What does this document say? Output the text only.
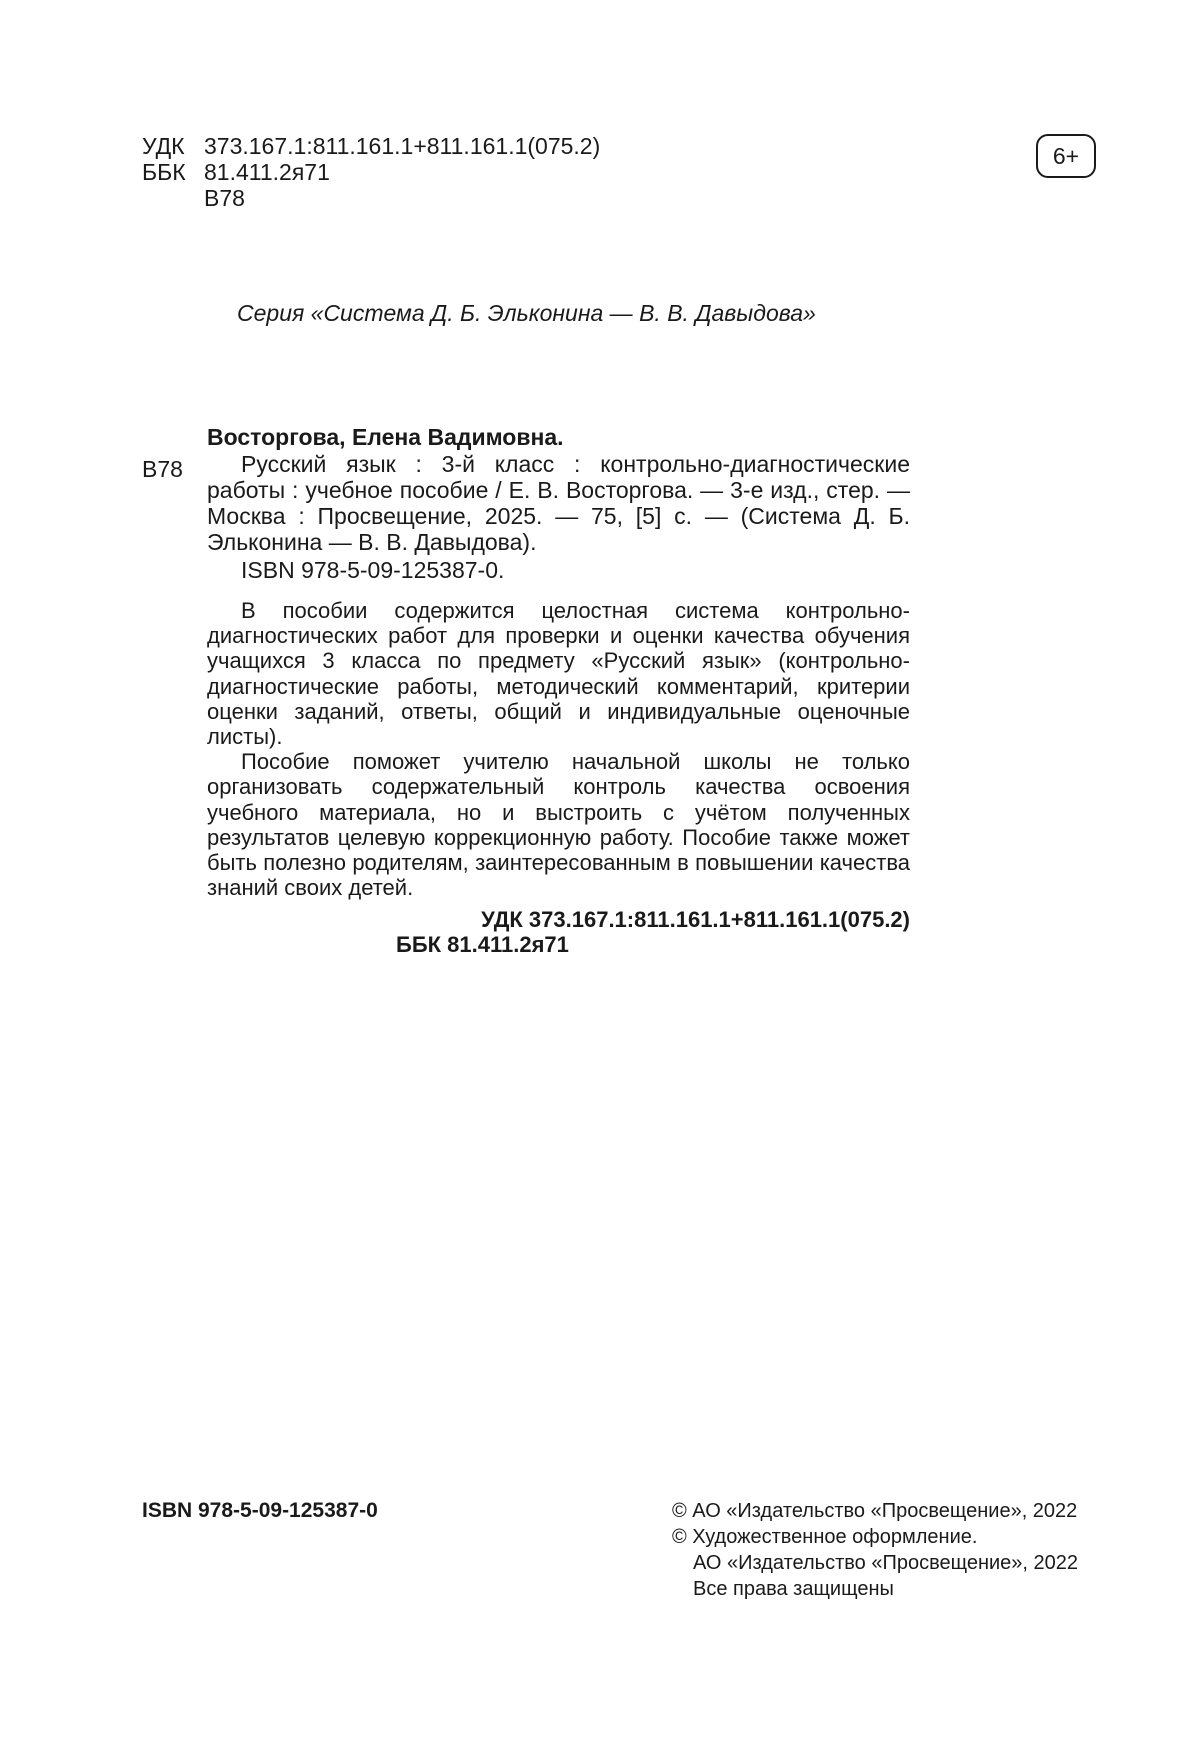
УДК 373.167.1:811.161.1+811.161.1(075.2)
ББК 81.411.2я71
В78
6+
Серия «Система Д. Б. Эльконина — В. В. Давыдова»
Восторгова, Елена Вадимовна.
В78	Русский язык : 3-й класс : контрольно-диагностические работы : учебное пособие / Е. В. Восторгова. — 3-е изд., стер. — Москва : Просвещение, 2025. — 75, [5] с. — (Система Д. Б. Эльконина — В. В. Давыдова).

ISBN 978-5-09-125387-0.

В пособии содержится целостная система контрольно-диагностических работ для проверки и оценки качества обучения учащихся 3 класса по предмету «Русский язык» (контрольно-диагностические работы, методический комментарий, критерии оценки заданий, ответы, общий и индивидуальные оценочные листы).

Пособие поможет учителю начальной школы не только организовать содержательный контроль качества освоения учебного материала, но и выстроить с учётом полученных результатов целевую коррекционную работу. Пособие также может быть полезно родителям, заинтересованным в повышении качества знаний своих детей.

УДК 373.167.1:811.161.1+811.161.1(075.2)
ББК 81.411.2я71
ISBN 978-5-09-125387-0	© АО «Издательство «Просвещение», 2022
© Художественное оформление.
АО «Издательство «Просвещение», 2022
Все права защищены
